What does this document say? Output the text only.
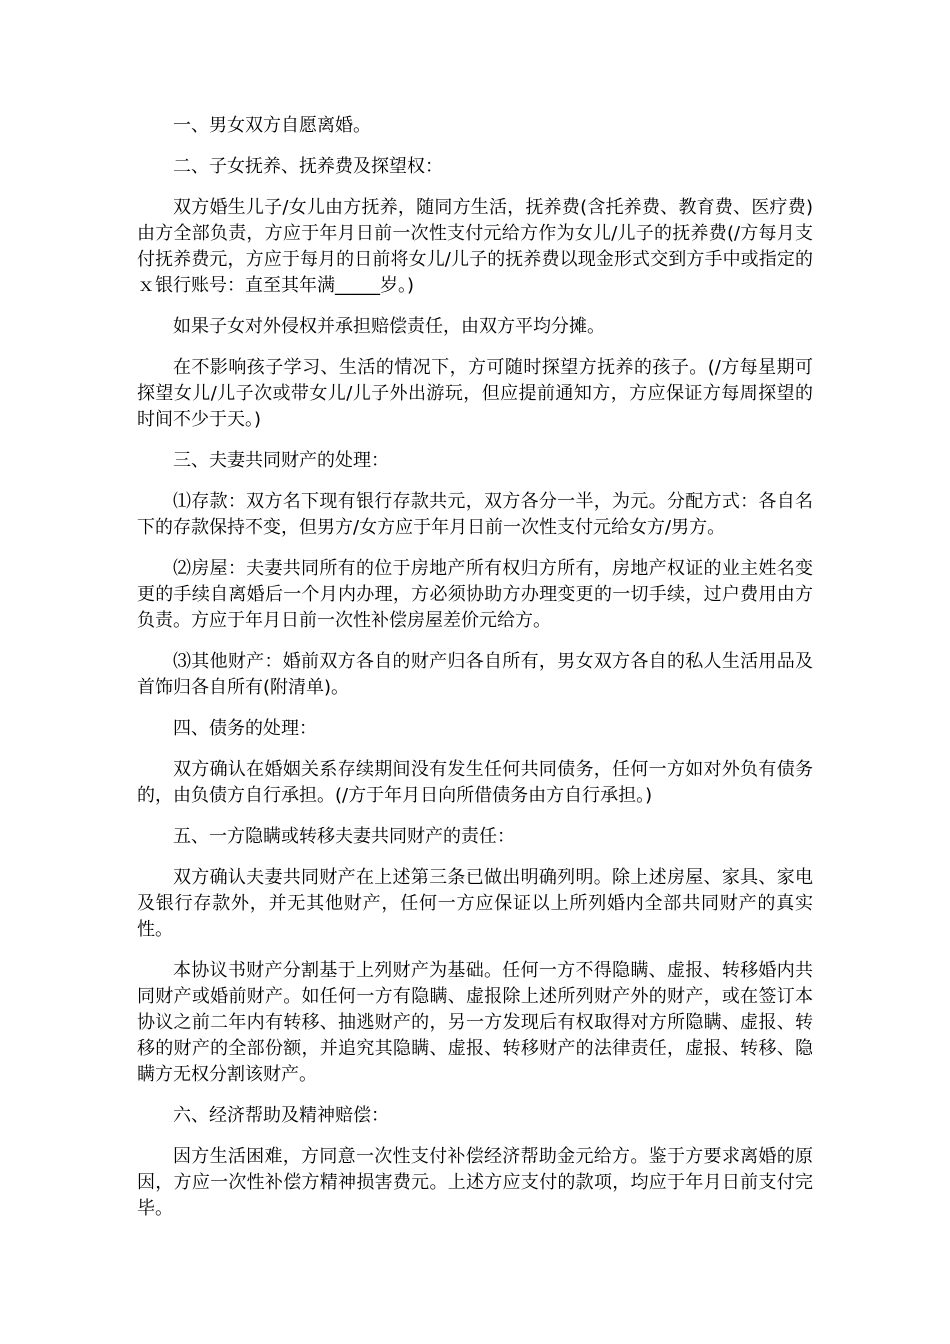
一、男女双方自愿离婚。

二、子女抚养、抚养费及探望权：

双方婚生儿子/女儿由方抚养，随同方生活，抚养费(含托养费、教育费、医疗费)由方全部负责，方应于年月日前一次性支付元给方作为女儿/儿子的抚养费(/方每月支付抚养费元，方应于每月的日前将女儿/儿子的抚养费以现金形式交到方手中或指定的ｘ银行账号：直至其年满_____岁。)

如果子女对外侵权并承担赔偿责任，由双方平均分摊。

在不影响孩子学习、生活的情况下，方可随时探望方抚养的孩子。(/方每星期可探望女儿/儿子次或带女儿/儿子外出游玩，但应提前通知方，方应保证方每周探望的时间不少于天。)

三、夫妻共同财产的处理：

⑴存款：双方名下现有银行存款共元，双方各分一半，为元。分配方式：各自名下的存款保持不变，但男方/女方应于年月日前一次性支付元给女方/男方。

⑵房屋：夫妻共同所有的位于房地产所有权归方所有，房地产权证的业主姓名变更的手续自离婚后一个月内办理，方必须协助方办理变更的一切手续，过户费用由方负责。方应于年月日前一次性补偿房屋差价元给方。

⑶其他财产：婚前双方各自的财产归各自所有，男女双方各自的私人生活用品及首饰归各自所有(附清单)。

四、债务的处理：

双方确认在婚姻关系存续期间没有发生任何共同债务，任何一方如对外负有债务的，由负债方自行承担。(/方于年月日向所借债务由方自行承担。)

五、一方隐瞒或转移夫妻共同财产的责任：

双方确认夫妻共同财产在上述第三条已做出明确列明。除上述房屋、家具、家电及银行存款外，并无其他财产，任何一方应保证以上所列婚内全部共同财产的真实性。

本协议书财产分割基于上列财产为基础。任何一方不得隐瞒、虚报、转移婚内共同财产或婚前财产。如任何一方有隐瞒、虚报除上述所列财产外的财产，或在签订本协议之前二年内有转移、抽逃财产的，另一方发现后有权取得对方所隐瞒、虚报、转移的财产的全部份额，并追究其隐瞒、虚报、转移财产的法律责任，虚报、转移、隐瞒方无权分割该财产。

六、经济帮助及精神赔偿：

因方生活困难，方同意一次性支付补偿经济帮助金元给方。鉴于方要求离婚的原因，方应一次性补偿方精神损害费元。上述方应支付的款项，均应于年月日前支付完毕。
